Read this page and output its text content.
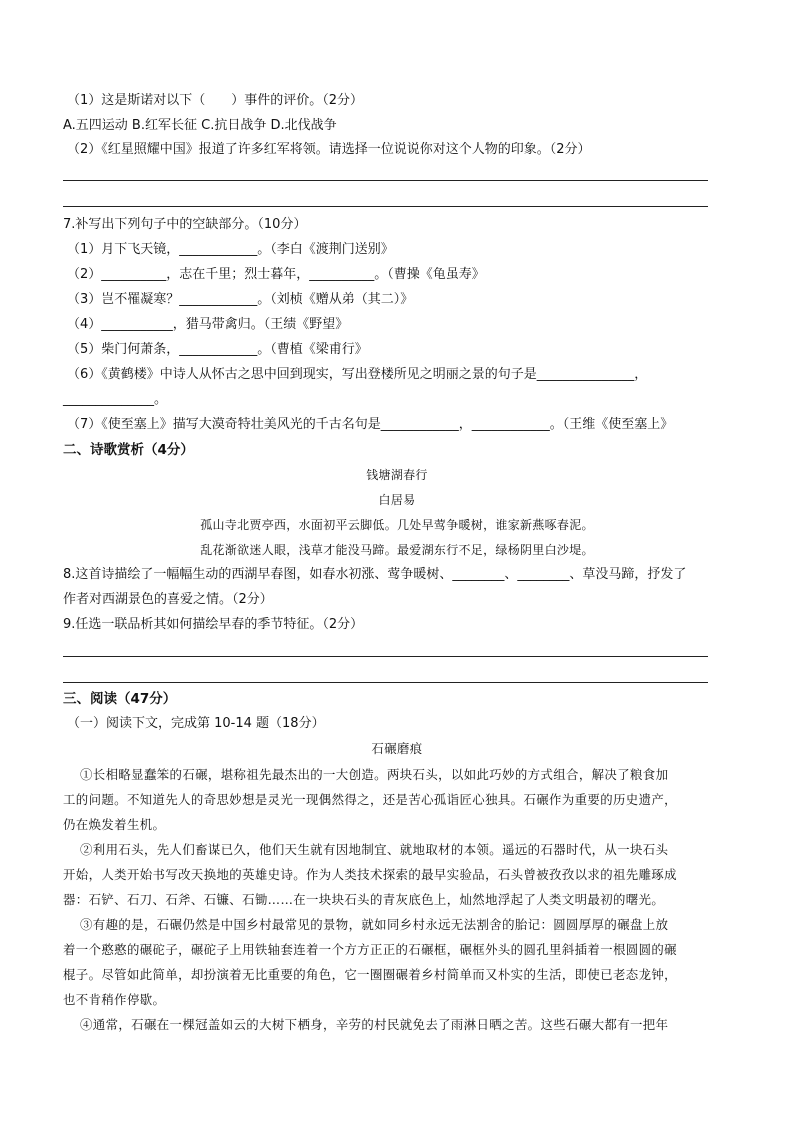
（1）这是斯诺对以下（　　）事件的评价。（2分）
A.五四运动 B.红军长征 C.抗日战争 D.北伐战争
（2）《红星照耀中国》报道了许多红军将领。请选择一位说说你对这个人物的印象。（2分）
7.补写出下列句子中的空缺部分。（10分）
（1）月下飞天镜，____________。（李白《渡荆门送别》
（2）__________，志在千里；烈士暮年，__________。（曹操《龟虽寿》
（3）岂不罹凝寒？____________。（刘桢《赠从弟（其二）》
（4）___________，猎马带禽归。（王绩《野望》
（5）柴门何萧条，____________。（曹植《梁甫行》
（6）《黄鹤楼》中诗人从怀古之思中回到现实，写出登楼所见之明丽之景的句子是_______________，
______________。
（7）《使至塞上》描写大漠奇特壮美风光的千古名句是____________，____________。（王维《使至塞上》
二、诗歌赏析（4分）
钱塘湖春行
白居易
孤山寺北贾亭西，水面初平云脚低。几处早莺争暖树，谁家新燕啄春泥。
乱花渐欲迷人眼，浅草才能没马蹄。最爱湖东行不足，绿杨阴里白沙堤。
8.这首诗描绘了一幅幅生动的西湖早春图，如春水初涨、莺争暖树、________、________、草没马蹄，抒发了
作者对西湖景色的喜爱之情。（2分）
9.任选一联品析其如何描绘早春的季节特征。（2分）
三、阅读（47分）
（一）阅读下文，完成第 10-14 题（18分）
石碾磨痕
①长相略显蠢笨的石碾，堪称祖先最杰出的一大创造。两块石头，以如此巧妙的方式组合，解决了粮食加
工的问题。不知道先人的奇思妙想是灵光一现偶然得之，还是苦心孤诣匠心独具。石碾作为重要的历史遗产，
仍在焕发着生机。
②利用石头，先人们畜谋已久，他们天生就有因地制宜、就地取材的本领。遥远的石器时代，从一块石头
开始，人类开始书写改天换地的英雄史诗。作为人类技术探索的最早实验品，石头曾被孜孜以求的祖先雕琢成
器：石铲、石刀、石斧、石镰、石锄……在一块块石头的青灰底色上，灿然地浮起了人类文明最初的曙光。
③有趣的是，石碾仍然是中国乡村最常见的景物，就如同乡村永远无法割舍的胎记：圆圆厚厚的碾盘上放
着一个憨憨的碾砣子，碾砣子上用铁轴套连着一个方方正正的石碾框，碾框外头的圆孔里斜插着一根圆圆的碾
棍子。尽管如此简单，却扮演着无比重要的角色，它一圈圈碾着乡村简单而又朴实的生活，即使已老态龙钟，
也不肯稍作停歇。
④通常，石碾在一棵冠盖如云的大树下栖身，辛劳的村民就免去了雨淋日晒之苦。这些石碾大都有一把年
